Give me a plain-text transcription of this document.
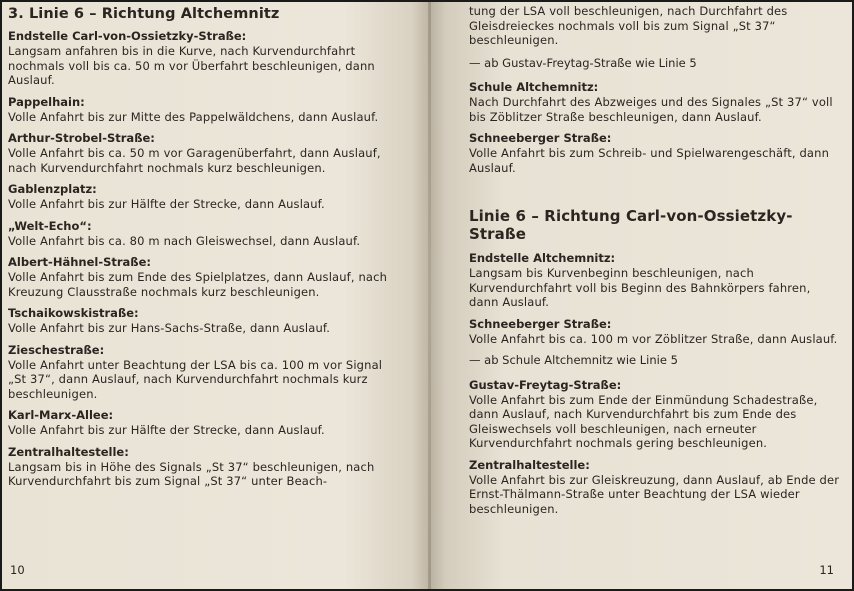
3. Linie 6 – Richtung Altchemnitz
Endstelle Carl-von-Ossietzky-Straße:
Langsam anfahren bis in die Kurve, nach Kurvendurchfahrt nochmals voll bis ca. 50 m vor Überfahrt beschleunigen, dann Auslauf.
Pappelhain:
Volle Anfahrt bis zur Mitte des Pappelwäldchens, dann Auslauf.
Arthur-Strobel-Straße:
Volle Anfahrt bis ca. 50 m vor Garagenüberfahrt, dann Auslauf, nach Kurvendurchfahrt nochmals kurz beschleunigen.
Gablenzplatz:
Volle Anfahrt bis zur Hälfte der Strecke, dann Auslauf.
„Welt-Echo“:
Volle Anfahrt bis ca. 80 m nach Gleiswechsel, dann Auslauf.
Albert-Hähnel-Straße:
Volle Anfahrt bis zum Ende des Spielplatzes, dann Auslauf, nach Kreuzung Clausstraße nochmals kurz beschleunigen.
Tschaikowskistraße:
Volle Anfahrt bis zur Hans-Sachs-Straße, dann Auslauf.
Zieschestraße:
Volle Anfahrt unter Beachtung der LSA bis ca. 100 m vor Signal „St 37“, dann Auslauf, nach Kurvendurchfahrt nochmals kurz beschleunigen.
Karl-Marx-Allee:
Volle Anfahrt bis zur Hälfte der Strecke, dann Auslauf.
Zentralhaltestelle:
Langsam bis in Höhe des Signals „St 37“ beschleunigen, nach Kurvendurchfahrt bis zum Signal „St 37“ unter Beach-
10
tung der LSA voll beschleunigen, nach Durchfahrt des Gleisdreieckes nochmals voll bis zum Signal „St 37“ beschleunigen.
— ab Gustav-Freytag-Straße wie Linie 5
Schule Altchemnitz:
Nach Durchfahrt des Abzweiges und des Signales „St 37“ voll bis Zöblitzer Straße beschleunigen, dann Auslauf.
Schneeberger Straße:
Volle Anfahrt bis zum Schreib- und Spielwarengeschäft, dann Auslauf.
Linie 6 – Richtung Carl-von-Ossietzky-Straße
Endstelle Altchemnitz:
Langsam bis Kurvenbeginn beschleunigen, nach Kurvendurchfahrt voll bis Beginn des Bahnkörpers fahren, dann Auslauf.
Schneeberger Straße:
Volle Anfahrt bis ca. 100 m vor Zöblitzer Straße, dann Auslauf.
— ab Schule Altchemnitz wie Linie 5
Gustav-Freytag-Straße:
Volle Anfahrt bis zum Ende der Einmündung Schadestraße, dann Auslauf, nach Kurvendurchfahrt bis zum Ende des Gleiswechsels voll beschleunigen, nach erneuter Kurvendurchfahrt nochmals gering beschleunigen.
Zentralhaltestelle:
Volle Anfahrt bis zur Gleiskreuzung, dann Auslauf, ab Ende der Ernst-Thälmann-Straße unter Beachtung der LSA wieder beschleunigen.
11
